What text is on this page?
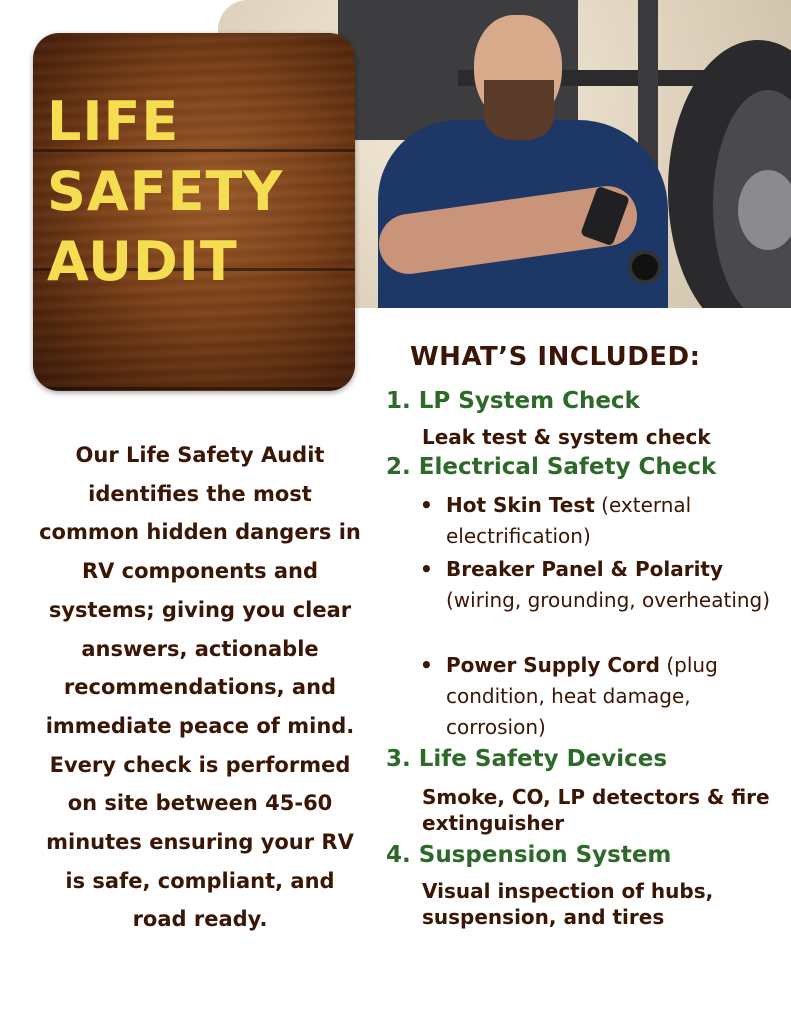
LIFE
SAFETY
AUDIT

Our Life Safety Audit identifies the most common hidden dangers in RV components and systems; giving you clear answers, actionable recommendations, and immediate peace of mind. Every check is performed on site between 45-60 minutes ensuring your RV is safe, compliant, and road ready.

WHAT’S INCLUDED:
1. LP System Check
Leak test & system check
2. Electrical Safety Check
• Hot Skin Test (external electrification)
• Breaker Panel & Polarity (wiring, grounding, overheating)
• Power Supply Cord (plug condition, heat damage, corrosion)
3. Life Safety Devices
Smoke, CO, LP detectors & fire extinguisher
4. Suspension System
Visual inspection of hubs, suspension, and tires
